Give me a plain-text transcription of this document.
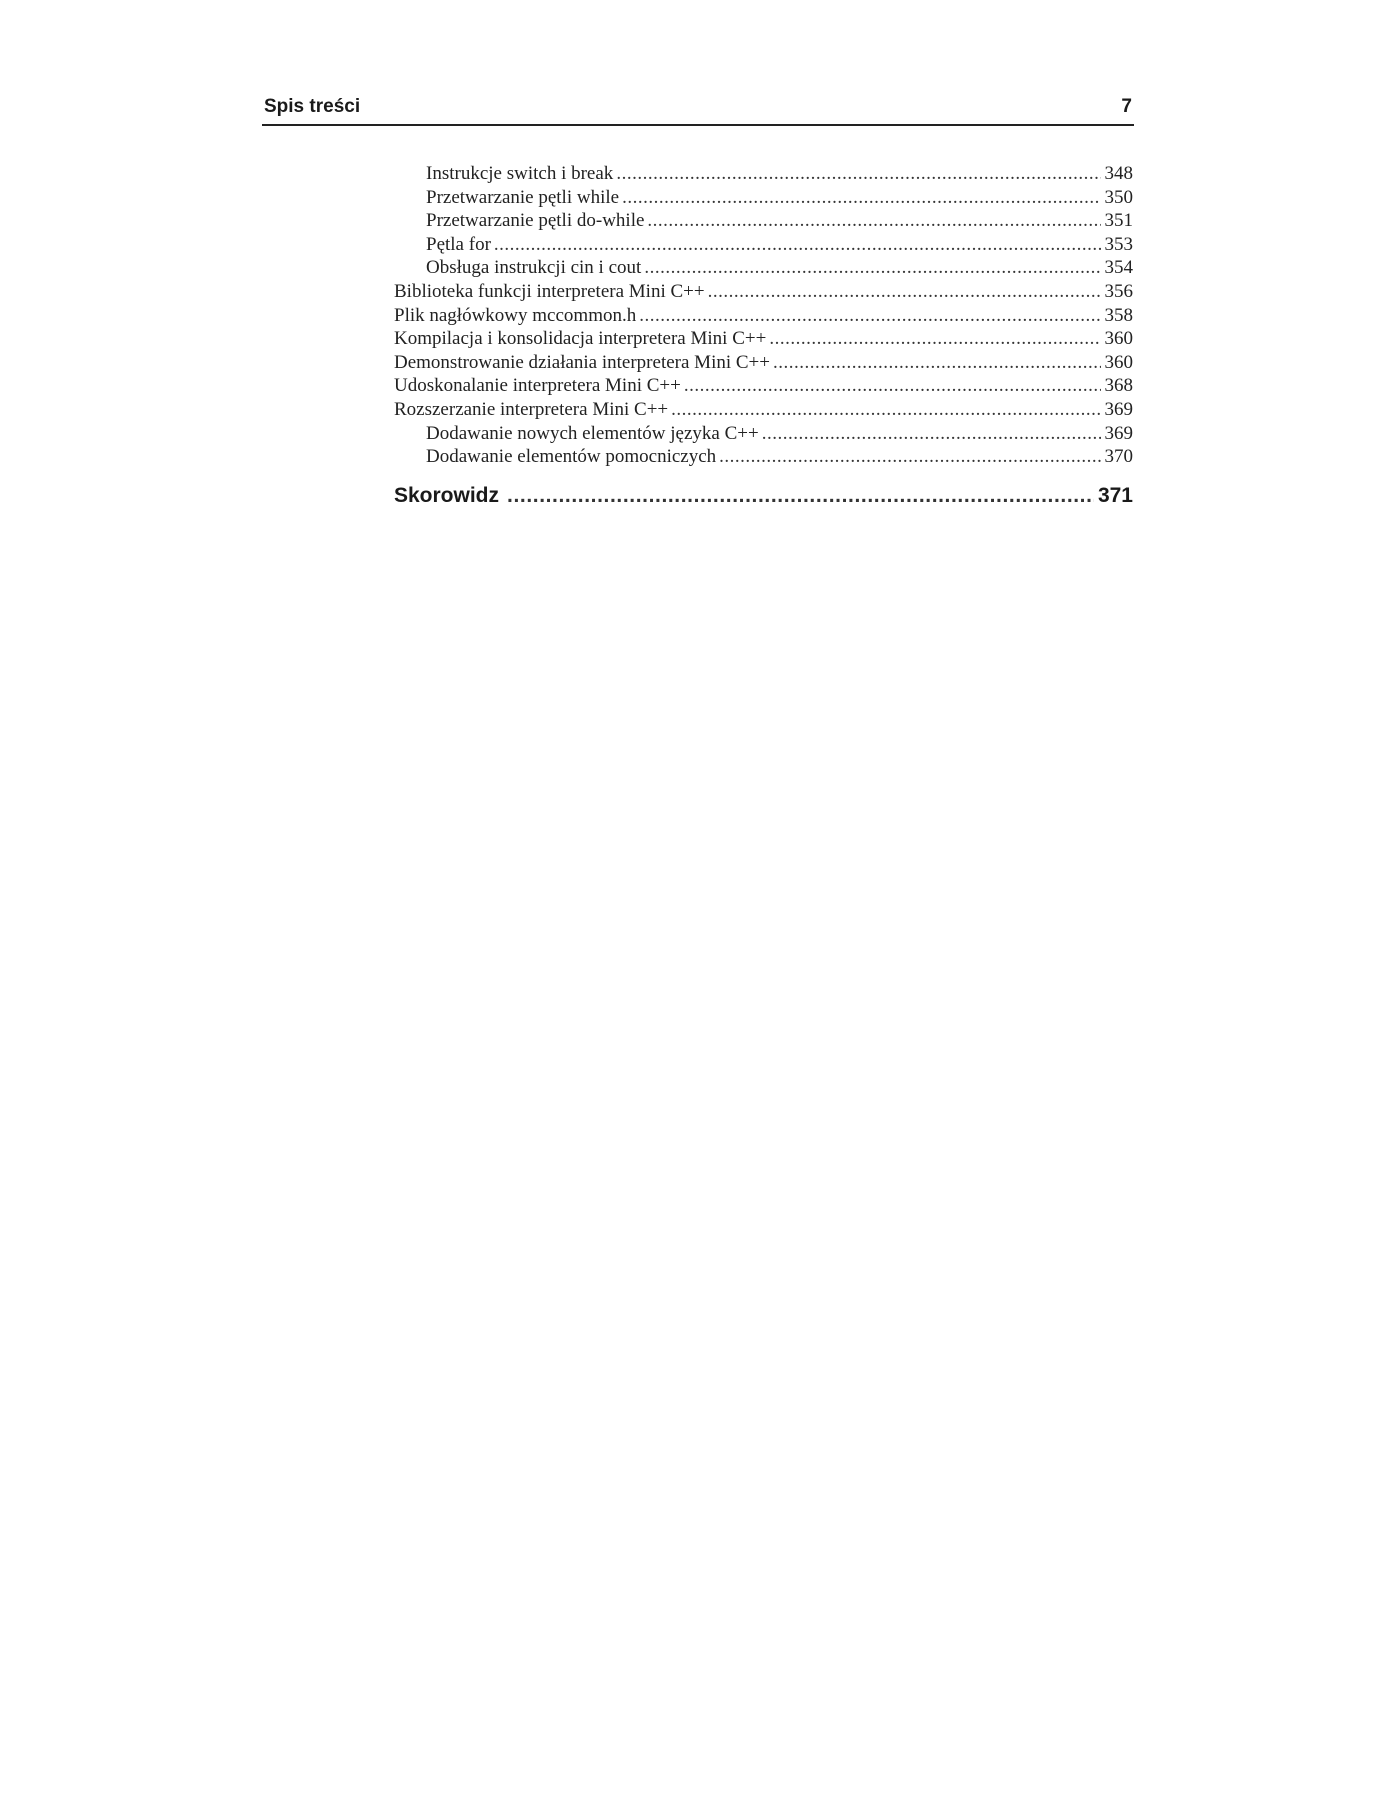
Spis treści	7
Instrukcje switch i break .....	348
Przetwarzanie pętli while .....	350
Przetwarzanie pętli do-while .....	351
Pętla for .....	353
Obsługa instrukcji cin i cout .....	354
Biblioteka funkcji interpretera Mini C++ .....	356
Plik nagłówkowy mccommon.h .....	358
Kompilacja i konsolidacja interpretera Mini C++ .....	360
Demonstrowanie działania interpretera Mini C++ .....	360
Udoskonalanie interpretera Mini C++ .....	368
Rozszerzanie interpretera Mini C++ .....	369
Dodawanie nowych elementów języka C++ .....	369
Dodawanie elementów pomocniczych .....	370
Skorowidz .....	371
